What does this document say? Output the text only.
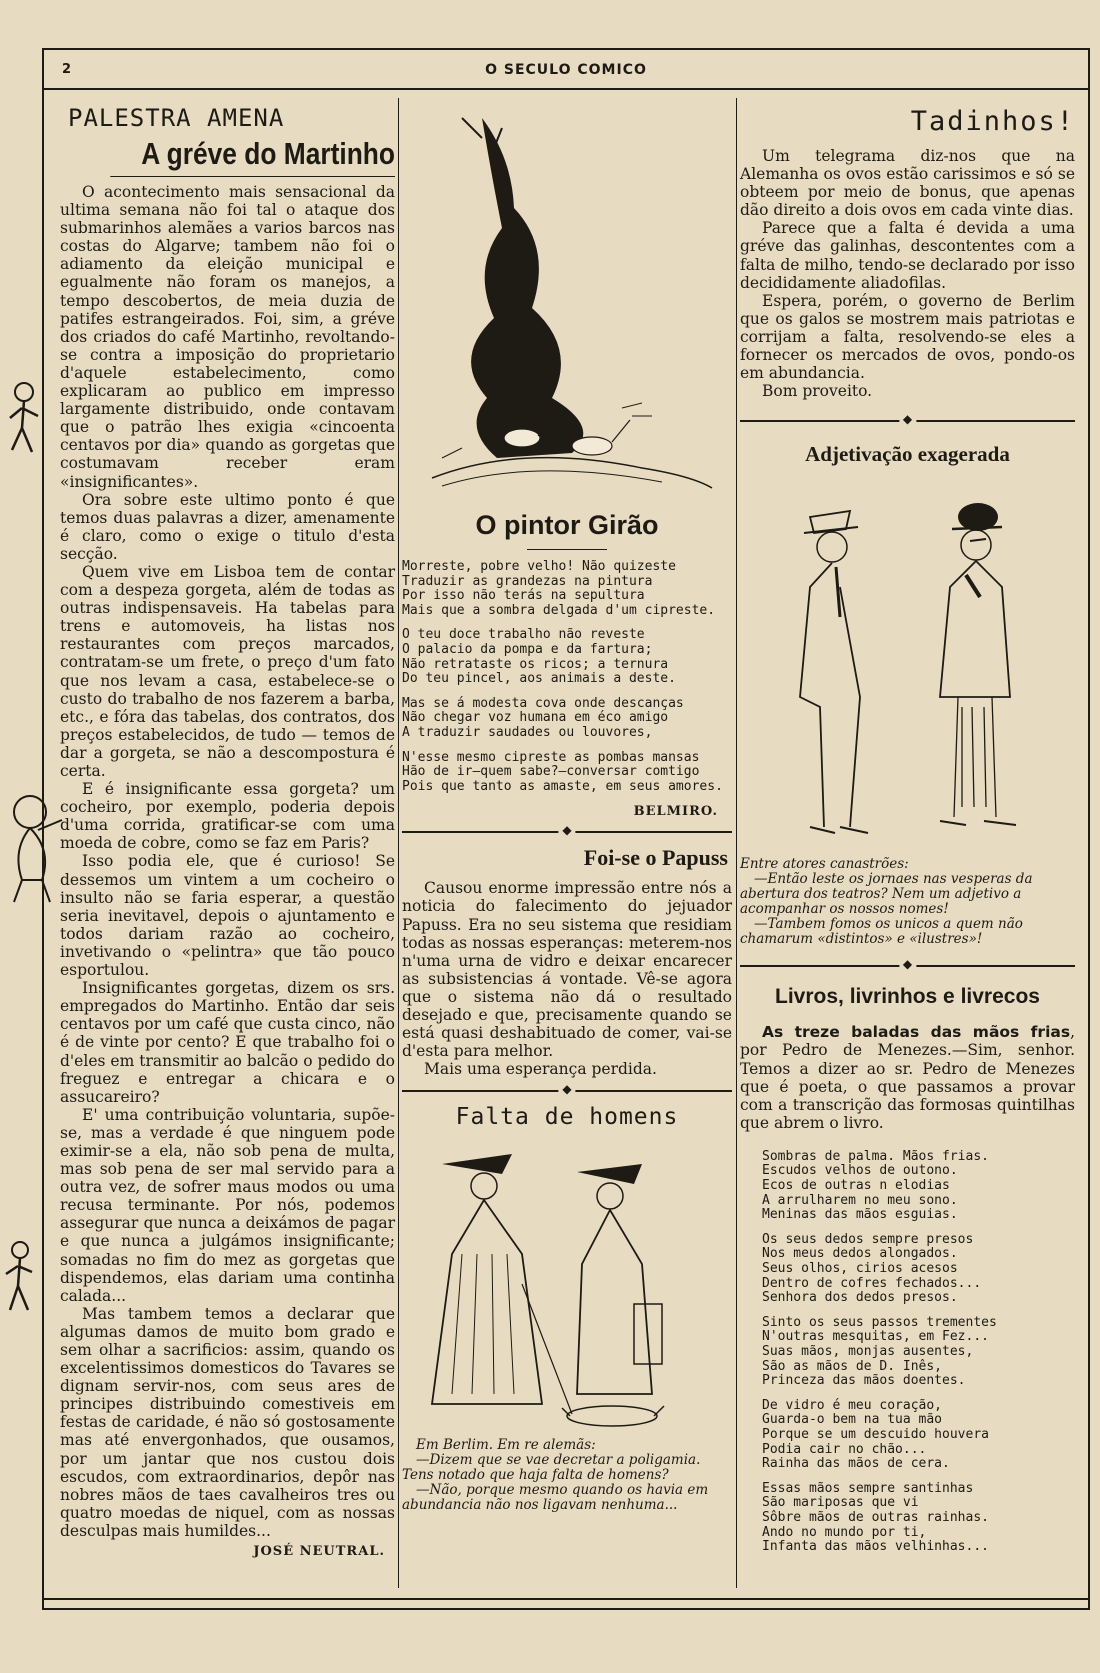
2	O SECULO COMICO
PALESTRA AMENA
A gréve do Martinho

O acontecimento mais sensacional da ultima semana não foi tal o ataque dos submarinhos alemães a varios barcos nas costas do Algarve; tambem não foi o adiamento da eleição municipal e egualmente não foram os manejos, a tempo descobertos, de meia duzia de patifes estrangeirados. Foi, sim, a gréve dos criados do café Martinho, revoltando-se contra a imposição do proprietario d'aquele estabelecimento, como explicaram ao publico em impresso largamente distribuido, onde contavam que o patrão lhes exigia «cincoenta centavos por dia» quando as gorgetas que costumavam receber eram «insignificantes».

Ora sobre este ultimo ponto é que temos duas palavras a dizer, amenamente é claro, como o exige o titulo d'esta secção.

Quem vive em Lisboa tem de contar com a despeza gorgeta, além de todas as outras indispensaveis. Ha tabelas para trens e automoveis, ha listas nos restaurantes com preços marcados, contratam-se um frete, o preço d'um fato que nos levam a casa, estabelece-se o custo do trabalho de nos fazerem a barba, etc., e fóra das tabelas, dos contratos, dos preços estabelecidos, de tudo — temos de dar a gorgeta, se não a descompostura é certa.

E é insignificante essa gorgeta? um cocheiro, por exemplo, poderia depois d'uma corrida, gratificar-se com uma moeda de cobre, como se faz em Paris?

Isso podia ele, que é curioso! Se dessemos um vintem a um cocheiro o insulto não se faria esperar, a questão seria inevitavel, depois o ajuntamento e todos dariam razão ao cocheiro, invetivando o «pelintra» que tão pouco esportulou.

Insignificantes gorgetas, dizem os srs. empregados do Martinho. Então dar seis centavos por um café que custa cinco, não é de vinte por cento? E que trabalho foi o d'eles em transmitir ao balcão o pedido do freguez e entregar a chicara e o assucareiro?

E' uma contribuição voluntaria, supõe-se, mas a verdade é que ninguem pode eximir-se a ela, não sob pena de multa, mas sob pena de ser mal servido para a outra vez, de sofrer maus modos ou uma recusa terminante. Por nós, podemos assegurar que nunca a deixámos de pagar e que nunca a julgámos insignificante; somadas no fim do mez as gorgetas que dispendemos, elas dariam uma continha calada...

Mas tambem temos a declarar que algumas damos de muito bom grado e sem olhar a sacrificios: assim, quando os excelentissimos domesticos do Tavares se dignam servir-nos, com seus ares de principes distribuindo comestiveis em festas de caridade, é não só gostosamente mas até envergonhados, que ousamos, por um jantar que nos custou dois escudos, com extraordinarios, depôr nas nobres mãos de taes cavalheiros tres ou quatro moedas de niquel, com as nossas desculpas mais humildes...

JOSÉ NEUTRAL.
O pintor Girão
Morreste, pobre velho! Não quizeste
Traduzir as grandezas na pintura
Por isso não terás na sepultura
Mais que a sombra delgada d'um cipreste.
O teu doce trabalho não reveste
O palacio da pompa e da fartura;
Não retrataste os ricos; a ternura
Do teu pincel, aos animais a deste.
Mas se á modesta cova onde descanças
Não chegar voz humana em éco amigo
A traduzir saudades ou louvores,
N'esse mesmo cipreste as pombas mansas
Hão de ir—quem sabe?—conversar comtigo
Pois que tanto as amaste, em seus amores.
BELMIRO.
◆
Foi-se o Papuss

Causou enorme impressão entre nós a noticia do falecimento do jejuador Papuss. Era no seu sistema que residiam todas as nossas esperanças: meterem-nos n'uma urna de vidro e deixar encarecer as subsistencias á vontade. Vê-se agora que o sistema não dá o resultado desejado e que, precisamente quando se está quasi deshabituado de comer, vai-se d'esta para melhor.

Mais uma esperança perdida.

◆
Falta de homens
Em Berlim. Em re alemãs:
—Dizem que se vae decretar a poligamia. Tens notado que haja falta de homens?
—Não, porque mesmo quando os havia em abundancia não nos ligavam nenhuma...
Tadinhos!

Um telegrama diz-nos que na Alemanha os ovos estão carissimos e só se obteem por meio de bonus, que apenas dão direito a dois ovos em cada vinte dias.

Parece que a falta é devida a uma gréve das galinhas, descontentes com a falta de milho, tendo-se declarado por isso decididamente aliadofilas.

Espera, porém, o governo de Berlim que os galos se mostrem mais patriotas e corrijam a falta, resolvendo-se eles a fornecer os mercados de ovos, pondo-os em abundancia.

Bom proveito.

◆
Adjetivação exagerada
Entre atores canastrões:
—Então leste os jornaes nas vesperas da abertura dos teatros? Nem um adjetivo a acompanhar os nossos nomes!
—Tambem fomos os unicos a quem não chamarum «distintos» e «ilustres»!
◆
Livros, livrinhos e livrecos

As treze baladas das mãos frias, por Pedro de Menezes.—Sim, senhor. Temos a dizer ao sr. Pedro de Menezes que é poeta, o que passamos a provar com a transcrição das formosas quintilhas que abrem o livro.

Sombras de palma. Mãos frias.
Escudos velhos de outono.
Ecos de outras n elodias
A arrulharem no meu sono.
Meninas das mãos esguias.
Os seus dedos sempre presos
Nos meus dedos alongados.
Seus olhos, cirios acesos
Dentro de cofres fechados...
Senhora dos dedos presos.
Sinto os seus passos trementes
N'outras mesquitas, em Fez...
Suas mãos, monjas ausentes,
São as mãos de D. Inês,
Princeza das mãos doentes.
De vidro é meu coração,
Guarda-o bem na tua mão
Porque se um descuido houvera
Podia cair no chão...
Rainha das mãos de cera.
Essas mãos sempre santinhas
São mariposas que vi
Sôbre mãos de outras rainhas.
Ando no mundo por ti,
Infanta das mãos velhinhas...
